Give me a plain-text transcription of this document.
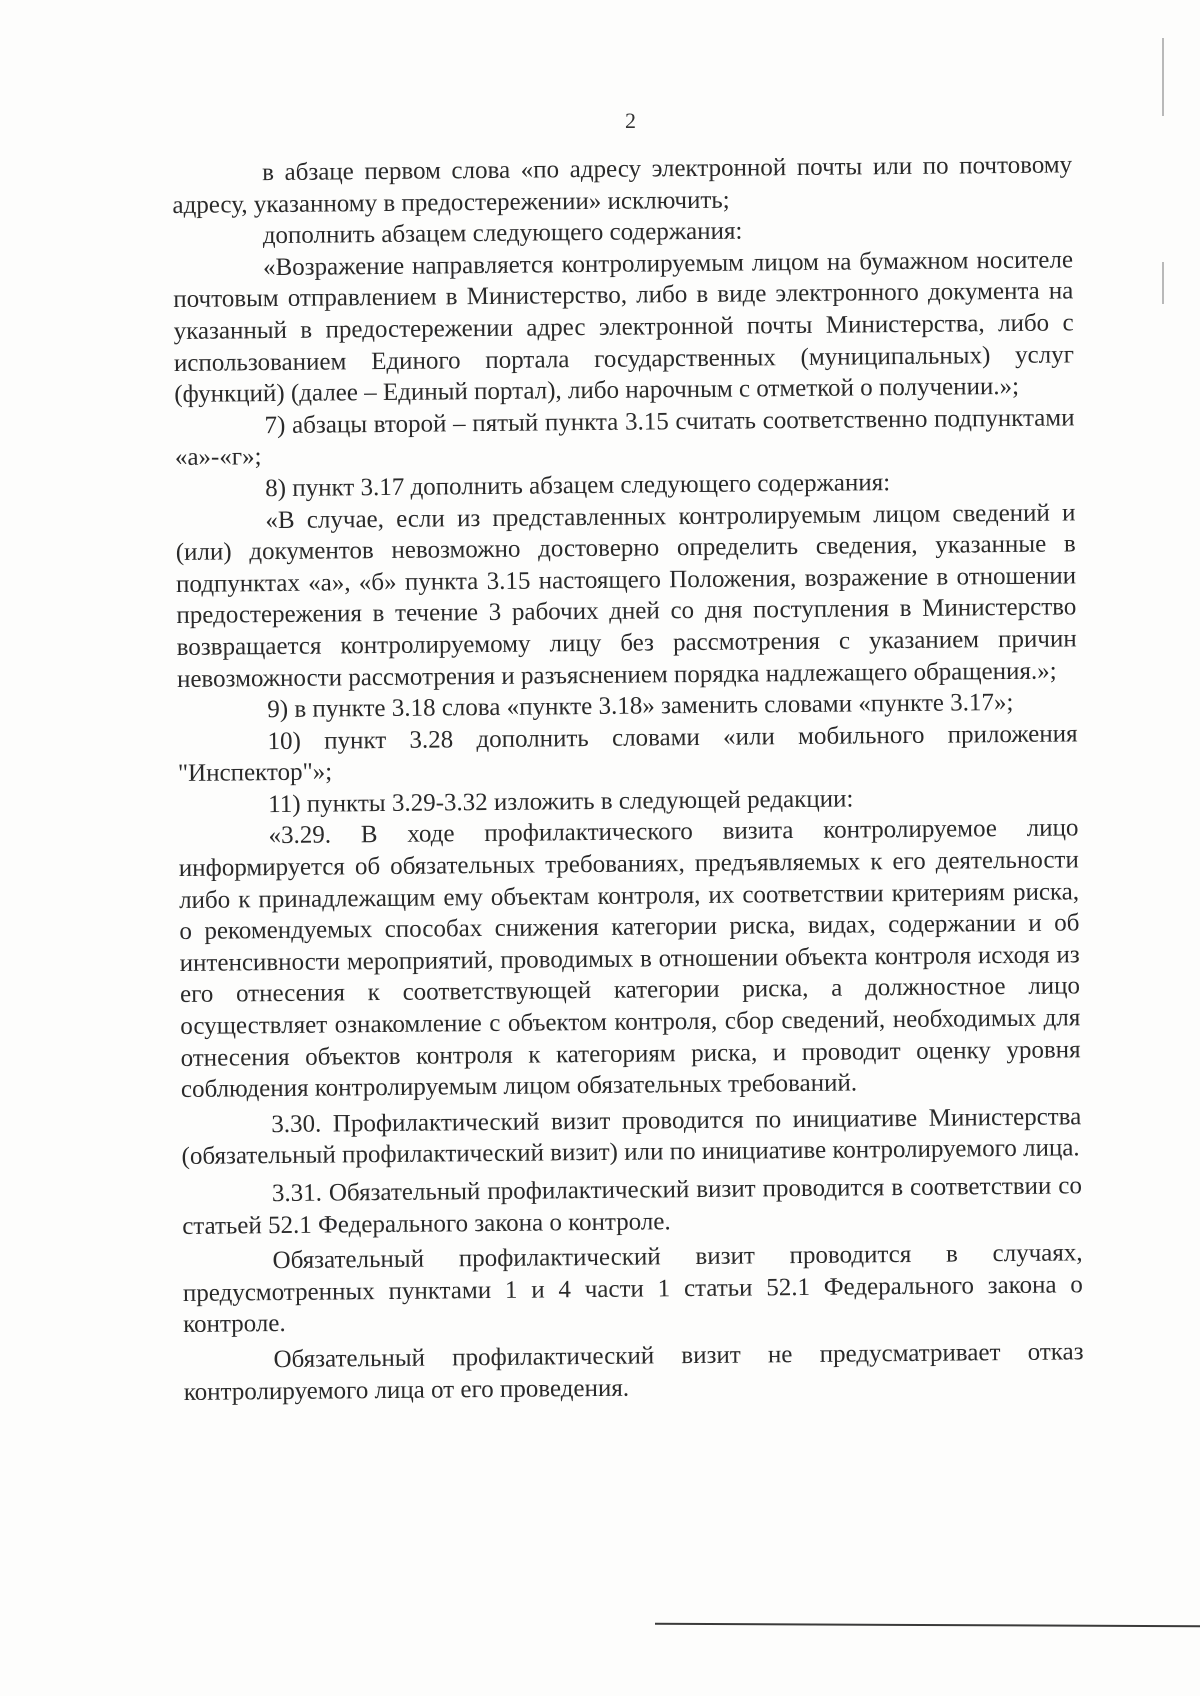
2

в абзаце первом слова «по адресу электронной почты или по почтовому адресу, указанному в предостережении» исключить;

дополнить абзацем следующего содержания:

«Возражение направляется контролируемым лицом на бумажном носителе почтовым отправлением в Министерство, либо в виде электронного документа на указанный в предостережении адрес электронной почты Министерства, либо с использованием Единого портала государственных (муниципальных) услуг (функций) (далее – Единый портал), либо нарочным с отметкой о получении.»;

7) абзацы второй – пятый пункта 3.15 считать соответственно подпунктами «а»-«г»;

8) пункт 3.17 дополнить абзацем следующего содержания:

«В случае, если из представленных контролируемым лицом сведений и (или) документов невозможно достоверно определить сведения, указанные в подпунктах «а», «б» пункта 3.15 настоящего Положения, возражение в отношении предостережения в течение 3 рабочих дней со дня поступления в Министерство возвращается контролируемому лицу без рассмотрения с указанием причин невозможности рассмотрения и разъяснением порядка надлежащего обращения.»;

9) в пункте 3.18 слова «пункте 3.18» заменить словами «пункте 3.17»;

10) пункт 3.28 дополнить словами «или мобильного приложения "Инспектор"»;

11) пункты 3.29-3.32 изложить в следующей редакции:

«3.29. В ходе профилактического визита контролируемое лицо информируется об обязательных требованиях, предъявляемых к его деятельности либо к принадлежащим ему объектам контроля, их соответствии критериям риска, о рекомендуемых способах снижения категории риска, видах, содержании и об интенсивности мероприятий, проводимых в отношении объекта контроля исходя из его отнесения к соответствующей категории риска, а должностное лицо осуществляет ознакомление с объектом контроля, сбор сведений, необходимых для отнесения объектов контроля к категориям риска, и проводит оценку уровня соблюдения контролируемым лицом обязательных требований.

3.30. Профилактический визит проводится по инициативе Министерства (обязательный профилактический визит) или по инициативе контролируемого лица.

3.31. Обязательный профилактический визит проводится в соответствии со статьей 52.1 Федерального закона о контроле.

Обязательный профилактический визит проводится в случаях, предусмотренных пунктами 1 и 4 части 1 статьи 52.1 Федерального закона о контроле.

Обязательный профилактический визит не предусматривает отказ контролируемого лица от его проведения.
